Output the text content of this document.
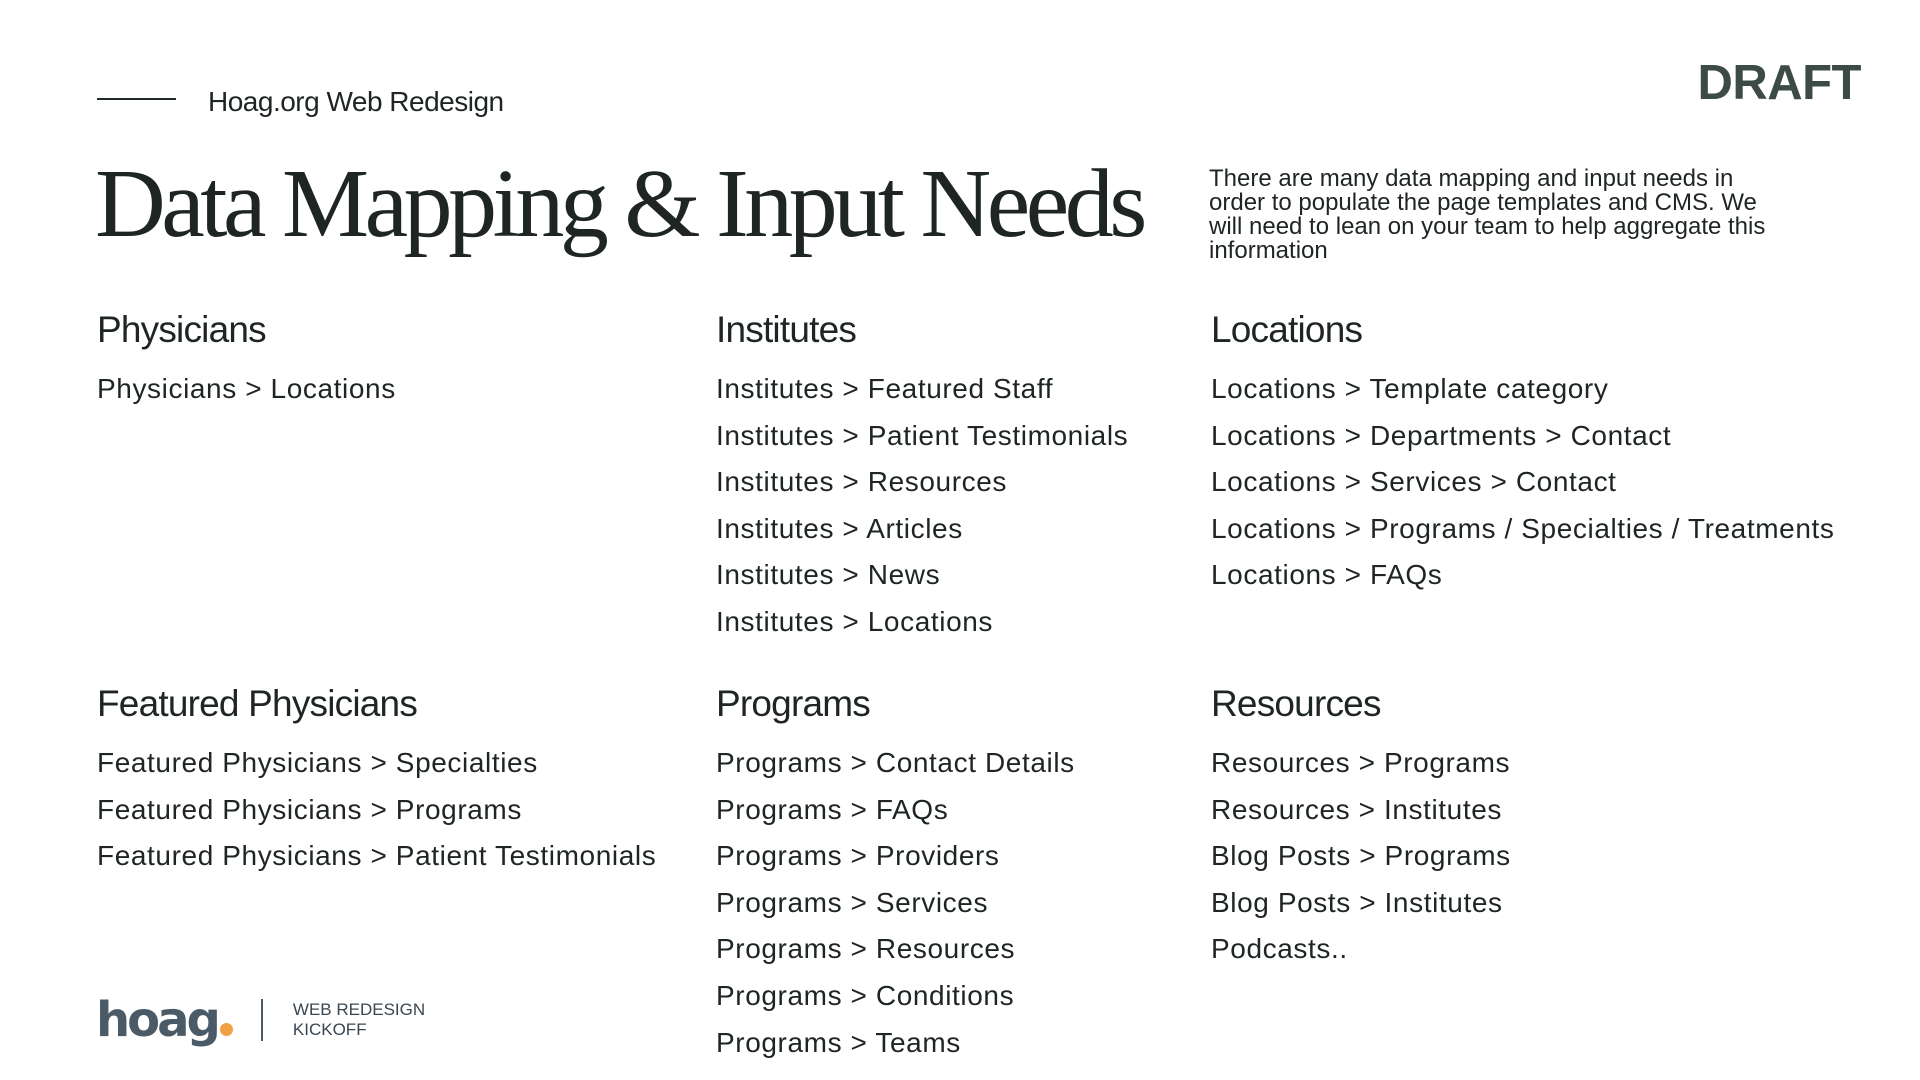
Hoag.org Web Redesign	DRAFT
Data Mapping & Input Needs	There are many data mapping and input needs in order to populate the page templates and CMS. We will need to lean on your team to help aggregate this information
Physicians
Physicians > Locations
Institutes
Institutes > Featured Staff
Institutes > Patient Testimonials
Institutes > Resources
Institutes > Articles
Institutes > News
Institutes > Locations
Locations
Locations > Template category
Locations > Departments > Contact
Locations > Services > Contact
Locations > Programs / Specialties / Treatments
Locations > FAQs
Featured Physicians
Featured Physicians > Specialties
Featured Physicians > Programs
Featured Physicians > Patient Testimonials
Programs
Programs > Contact Details
Programs > FAQs
Programs > Providers
Programs > Services
Programs > Resources
Programs > Conditions
Programs > Teams
Resources
Resources > Programs
Resources > Institutes
Blog Posts > Programs
Blog Posts > Institutes
Podcasts..
hoag	WEB REDESIGN
KICKOFF
